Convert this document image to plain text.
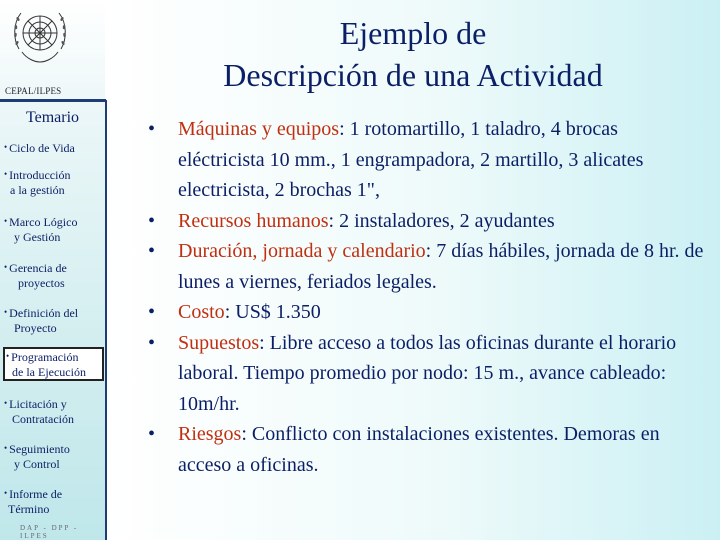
CEPAL/ILPES
Temario
• Ciclo de Vida
• Introducción
a la gestión
• Marco Lógico
y Gestión
• Gerencia de
proyectos
• Definición del
Proyecto
• Programación
de la Ejecución
• Licitación y
Contratación
• Seguimiento
y Control
• Informe de
Término
DAP - DPP - ILPES
Ejemplo de
Descripción de una Actividad
• Máquinas y equipos: 1 rotomartillo, 1 taladro, 4 brocas eléctricista 10 mm., 1 engrampadora, 2 martillo, 3 alicates electricista, 2 brochas 1",
• Recursos humanos: 2 instaladores, 2 ayudantes
• Duración, jornada y calendario: 7 días hábiles, jornada de 8 hr. de lunes a viernes, feriados legales.
• Costo: US$ 1.350
• Supuestos: Libre acceso a todos las oficinas durante el horario laboral. Tiempo promedio por nodo: 15 m., avance cableado: 10m/hr.
• Riesgos: Conflicto con instalaciones existentes. Demoras en acceso a oficinas.
